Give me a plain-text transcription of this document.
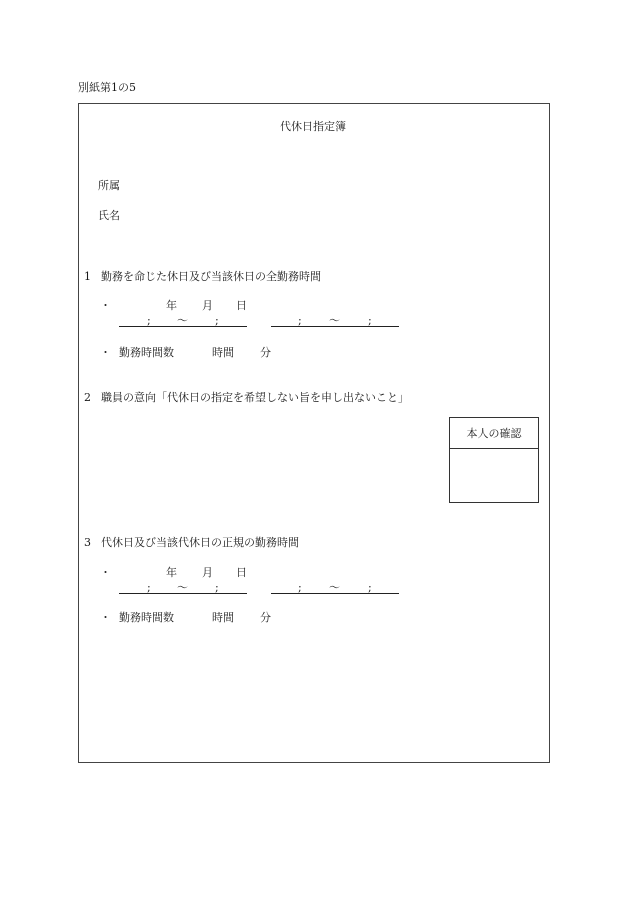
別紙第1の5
代休日指定簿
所属
氏名
1 勤務を命じた休日及び当該休日の全勤務時間
・	年 月 日
; 〜 ;	; 〜	;
・ 勤務時間数	時間 分
2 職員の意向「代休日の指定を希望しない旨を申し出ないこと」
本人の確認
3 代休日及び当該代休日の正規の勤務時間
・	年 月 日
; 〜 ;	; 〜	;
・ 勤務時間数	時間 分
